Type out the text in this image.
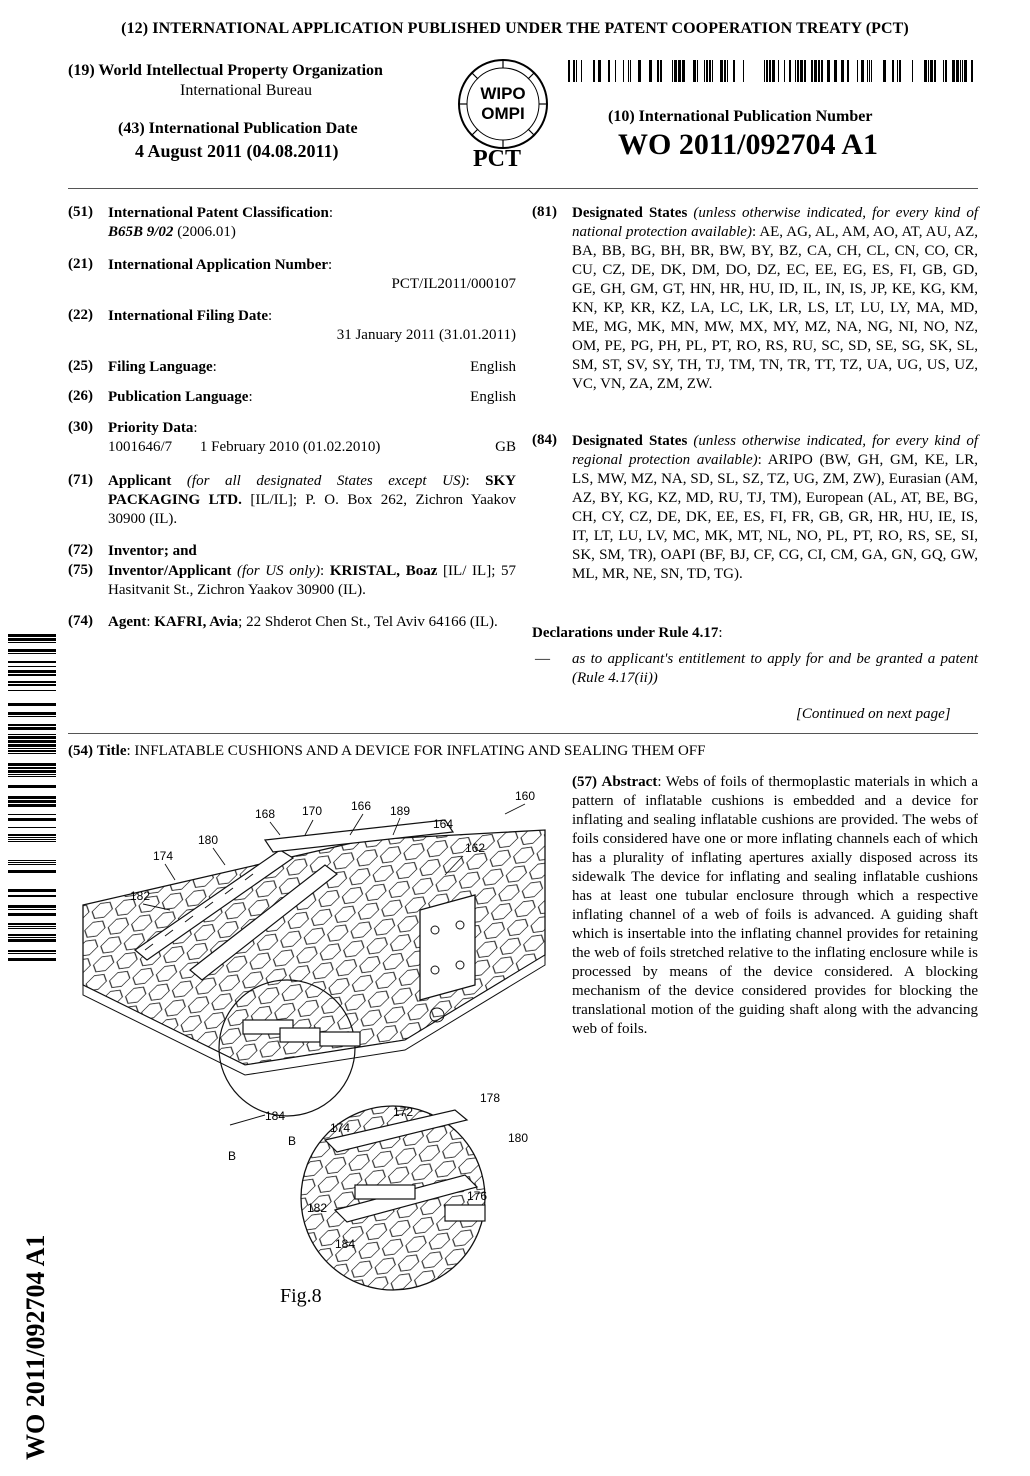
(12) INTERNATIONAL APPLICATION PUBLISHED UNDER THE PATENT COOPERATION TREATY (PCT)
(19) World Intellectual Property Organization
International Bureau
(43) International Publication Date
4 August 2011 (04.08.2011)
WIPO
OMPI
PCT
(10) International Publication Number
WO 2011/092704 A1
(51) International Patent Classification:
B65B 9/02 (2006.01)
(21) International Application Number:
PCT/IL2011/000107
(22) International Filing Date:
31 January 2011 (31.01.2011)
(25) Filing Language:	English
(26) Publication Language:	English
(30) Priority Data:
1001646/7 1 February 2010 (01.02.2010)	GB
(71) Applicant (for all designated States except US): SKY PACKAGING LTD. [IL/IL]; P. O. Box 262, Zichron Yaakov 30900 (IL).
(72) Inventor; and
(75) Inventor/Applicant (for US only): KRISTAL, Boaz [IL/ IL]; 57 Hasitvanit St., Zichron Yaakov 30900 (IL).
(74) Agent: KAFRI, Avia; 22 Shderot Chen St., Tel Aviv 64166 (IL).
(81) Designated States (unless otherwise indicated, for every kind of national protection available): AE, AG, AL, AM, AO, AT, AU, AZ, BA, BB, BG, BH, BR, BW, BY, BZ, CA, CH, CL, CN, CO, CR, CU, CZ, DE, DK, DM, DO, DZ, EC, EE, EG, ES, FI, GB, GD, GE, GH, GM, GT, HN, HR, HU, ID, IL, IN, IS, JP, KE, KG, KM, KN, KP, KR, KZ, LA, LC, LK, LR, LS, LT, LU, LY, MA, MD, ME, MG, MK, MN, MW, MX, MY, MZ, NA, NG, NI, NO, NZ, OM, PE, PG, PH, PL, PT, RO, RS, RU, SC, SD, SE, SG, SK, SL, SM, ST, SV, SY, TH, TJ, TM, TN, TR, TT, TZ, UA, UG, US, UZ, VC, VN, ZA, ZM, ZW.
(84) Designated States (unless otherwise indicated, for every kind of regional protection available): ARIPO (BW, GH, GM, KE, LR, LS, MW, MZ, NA, SD, SL, SZ, TZ, UG, ZM, ZW), Eurasian (AM, AZ, BY, KG, KZ, MD, RU, TJ, TM), European (AL, AT, BE, BG, CH, CY, CZ, DE, DK, EE, ES, FI, FR, GB, GR, HR, HU, IE, IS, IT, LT, LU, LV, MC, MK, MT, NL, NO, PL, PT, RO, RS, SE, SI, SK, SM, TR), OAPI (BF, BJ, CF, CG, CI, CM, GA, GN, GQ, GW, ML, MR, NE, SN, TD, TG).
Declarations under Rule 4.17:
— as to applicant's entitlement to apply for and be granted a patent (Rule 4.17(ii))
[Continued on next page]
(54) Title: INFLATABLE CUSHIONS AND A DEVICE FOR INFLATING AND SEALING THEM OFF
(57) Abstract: Webs of foils of thermoplastic materials in which a pattern of inflatable cushions is embedded and a device for inflating and sealing inflatable cushions are provided. The webs of foils considered have one or more inflating channels each of which has a plurality of inflating apertures axially disposed across its sidewalk The device for inflating and sealing inflatable cushions has at least one tubular enclosure through which a respective inflating channel of a web of foils is advanced. A guiding shaft which is insertable into the inflating channel provides for retaining the web of foils stretched relative to the inflating enclosure while is processed by means of the device considered. A blocking mechanism of the device considered provides for blocking the translational motion of the guiding shaft along with the advancing web of foils.
WO 2011/092704 A1
168 170 166 189
164
160
180
174
162
182
184	172
B
B
174
178
180
176
182
184
Fig.8
